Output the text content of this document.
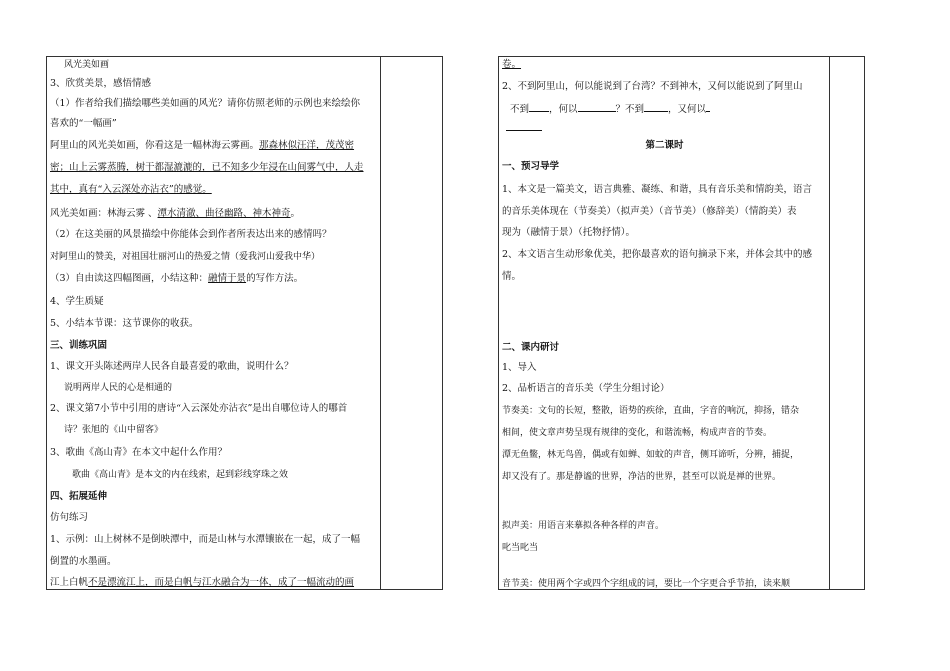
风光美如画
3、欣赏美景，感悟情感
（1）作者给我们描绘哪些美如画的风光？请你仿照老师的示例也来绘绘你
喜欢的“一幅画”
阿里山的风光美如画，你看这是一幅林海云雾画。那森林似汪洋，茂茂密
密；山上云雾蒸腾，树干都湿漉漉的，已不知多少年浸在山间雾气中，人走
其中，真有“入云深处亦沾衣”的感觉。
风光美如画：林海云雾 、潭水清澈、曲径幽路、神木神奇。
（2）在这美丽的风景描绘中你能体会到作者所表达出来的感情吗？
对阿里山的赞美，对祖国壮丽河山的热爱之情（爱我河山爱我中华）
（3）自由读这四幅图画，小结这种：融情于景的写作方法。
4、学生质疑
5、小结本节课：这节课你的收获。
三、训练巩固
1、课文开头陈述两岸人民各自最喜爱的歌曲，说明什么？
说明两岸人民的心是相通的
2、课文第7小节中引用的唐诗“入云深处亦沾衣”是出自哪位诗人的哪首
诗？张旭的《山中留客》
3、歌曲《高山青》在本文中起什么作用？
歌曲《高山青》是本文的内在线索，起到彩线穿珠之效
四、拓展延伸
仿句练习
1、示例：山上树林不是倒映潭中，而是山林与水潭镶嵌在一起，成了一幅
倒置的水墨画。
江上白帆不是漂流江上，而是白帆与江水融合为一体，成了一幅流动的画
卷。
2、不到阿里山，何以能说到了台湾？不到神木，又何以能说到了阿里山
不到 ，何以	？不到	，又何以
第二课时
一、预习导学
1、本文是一篇美文，语言典雅、凝练、和谐，具有音乐美和情韵美，语言
的音乐美体现在（节奏美）（拟声美）（音节美）（修辞美）（情韵美）表
现为（融情于景）（托物抒情）。
2、本文语言生动形象优美，把你最喜欢的语句摘录下来，并体会其中的感
情。
二、课内研讨
1、导入
2、品析语言的音乐美（学生分组讨论）
节奏美：文句的长短，整散，语势的疾徐，直曲，字音的响沉，抑扬，错杂
相间，使文章声势呈现有规律的变化，和谐流畅，构成声音的节奏。
潭无鱼鳖，林无鸟兽，偶或有如蝉、如蚊的声音，侧耳谛听，分辨，捕捉，
却又没有了。那是静谧的世界，净洁的世界，甚至可以说是禅的世界。
拟声美：用语言来摹拟各种各样的声音。
叱当叱当
音节美：使用两个字或四个字组成的词，要比一个字更合乎节拍，读来顺
